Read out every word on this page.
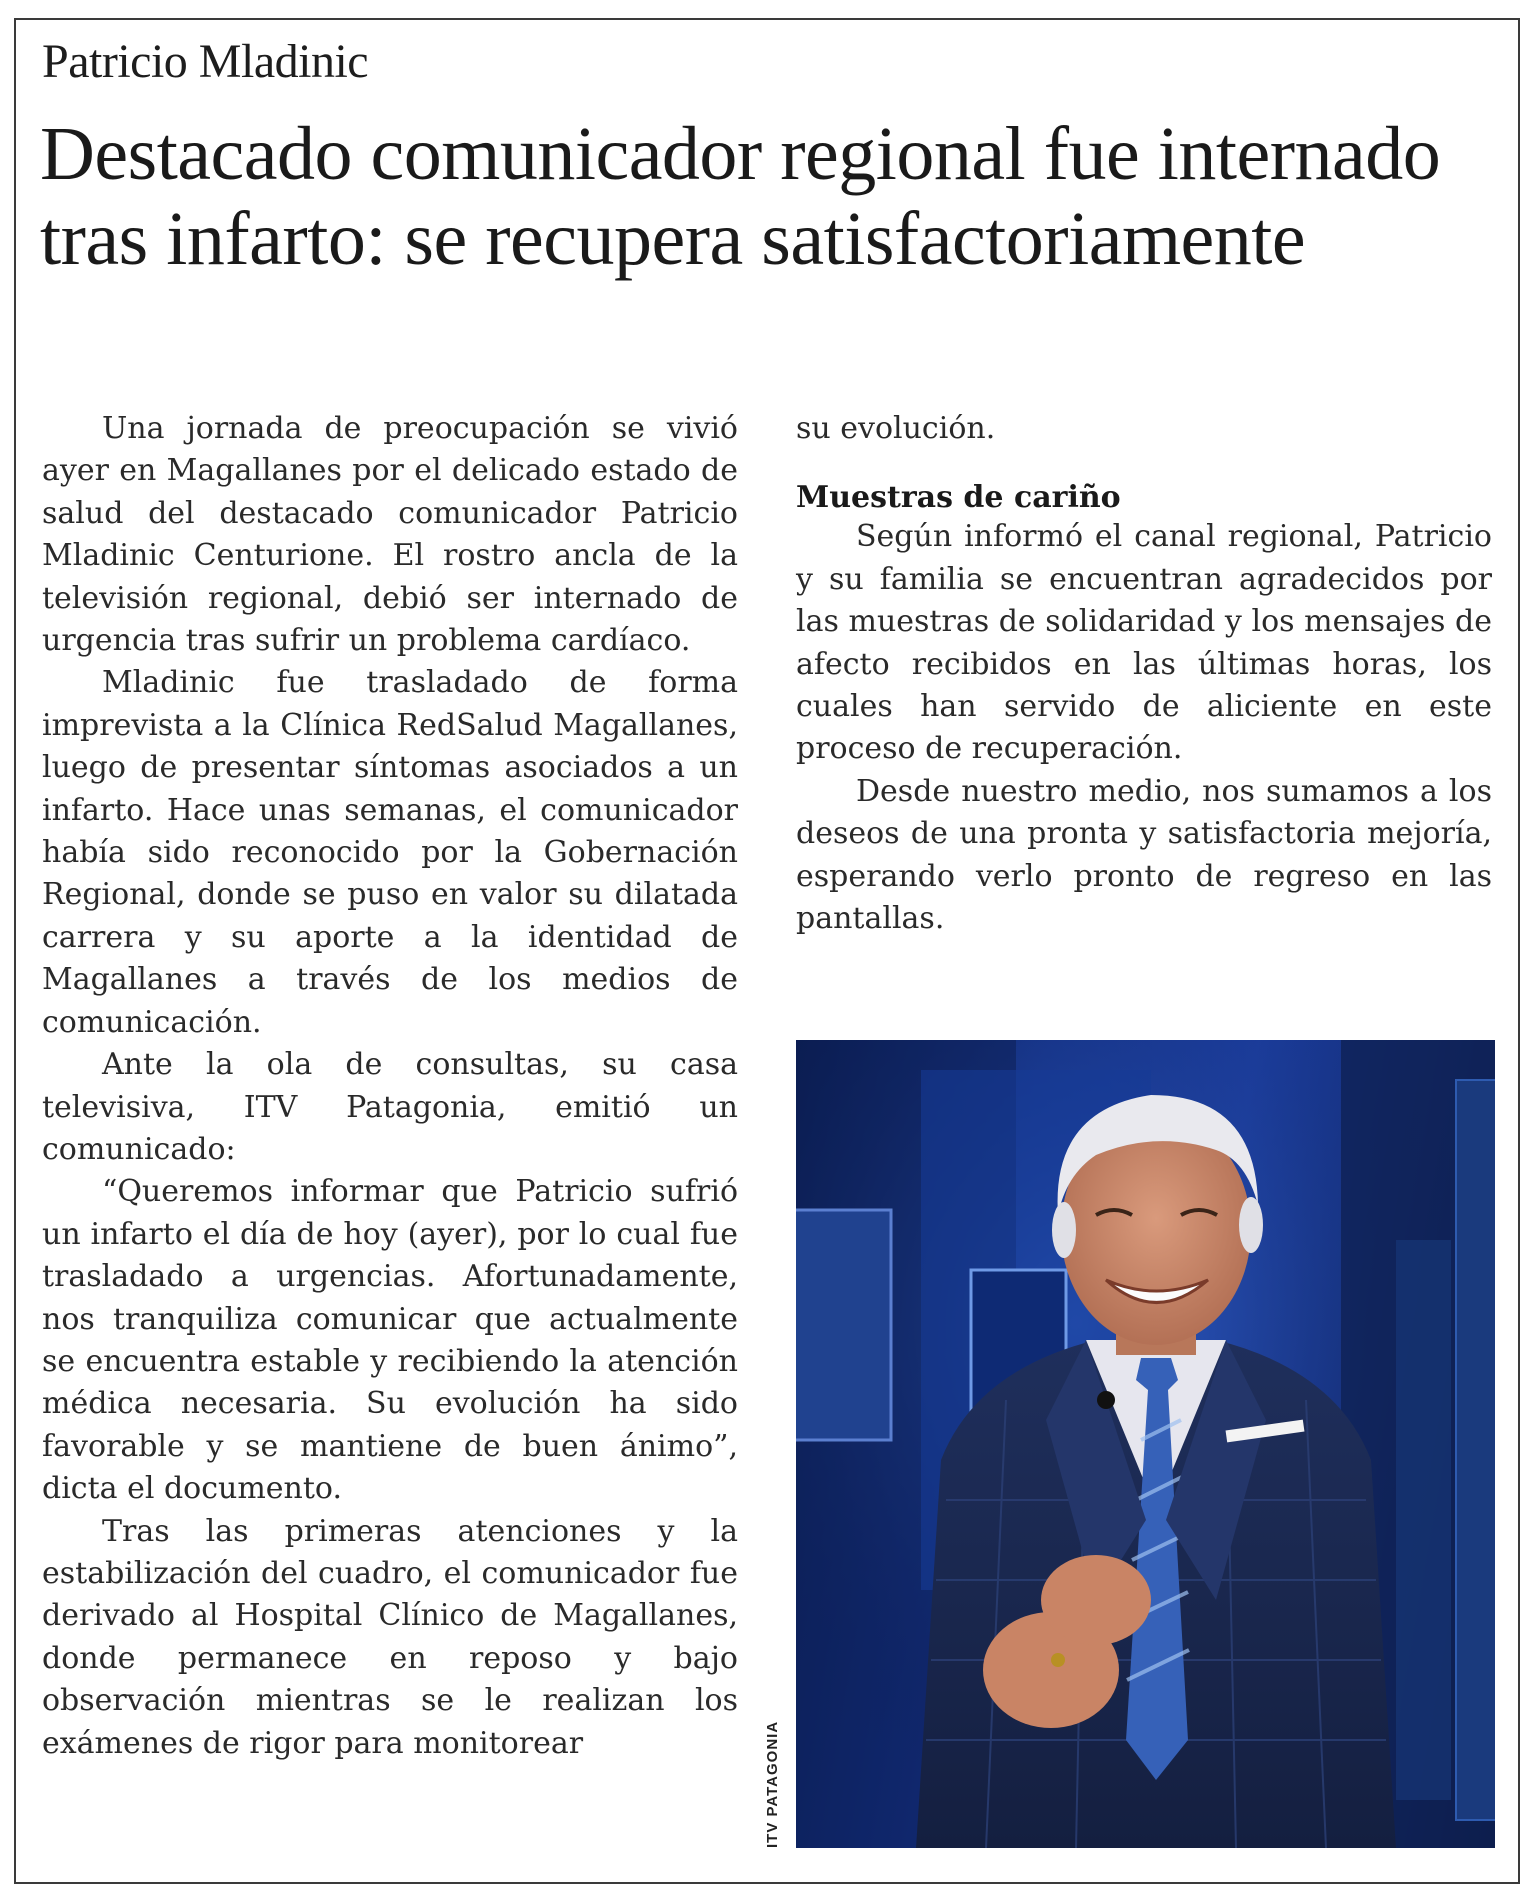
Patricio Mladinic
Destacado comunicador regional fue internado tras infarto: se recupera satisfactoriamente

Una jornada de preocupación se vivió ayer en Magallanes por el delicado estado de salud del destacado comunicador Patricio Mladinic Centurione. El rostro ancla de la televisión regional, debió ser internado de urgencia tras sufrir un problema cardíaco.

Mladinic fue trasladado de forma imprevista a la Clínica RedSalud Magallanes, luego de presentar síntomas asociados a un infarto. Hace unas semanas, el comunicador había sido reconocido por la Gobernación Regional, donde se puso en valor su dilatada carrera y su aporte a la identidad de Magallanes a través de los medios de comunicación.

Ante la ola de consultas, su casa televisiva, ITV Patagonia, emitió un comunicado:

“Queremos informar que Patricio sufrió un infarto el día de hoy (ayer), por lo cual fue trasladado a urgencias. Afortunadamente, nos tranquiliza comunicar que actualmente se encuentra estable y recibiendo la atención médica necesaria. Su evolución ha sido favorable y se mantiene de buen ánimo”, dicta el documento.

Tras las primeras atenciones y la estabilización del cuadro, el comunicador fue derivado al Hospital Clínico de Magallanes, donde permanece en reposo y bajo observación mientras se le realizan los exámenes de rigor para monitorear

su evolución.

Muestras de cariño

Según informó el canal regional, Patricio y su familia se encuentran agradecidos por las muestras de solidaridad y los mensajes de afecto recibidos en las últimas horas, los cuales han servido de aliciente en este proceso de recuperación.

Desde nuestro medio, nos sumamos a los deseos de una pronta y satisfactoria mejoría, esperando verlo pronto de regreso en las pantallas.

ITV PATAGONIA
